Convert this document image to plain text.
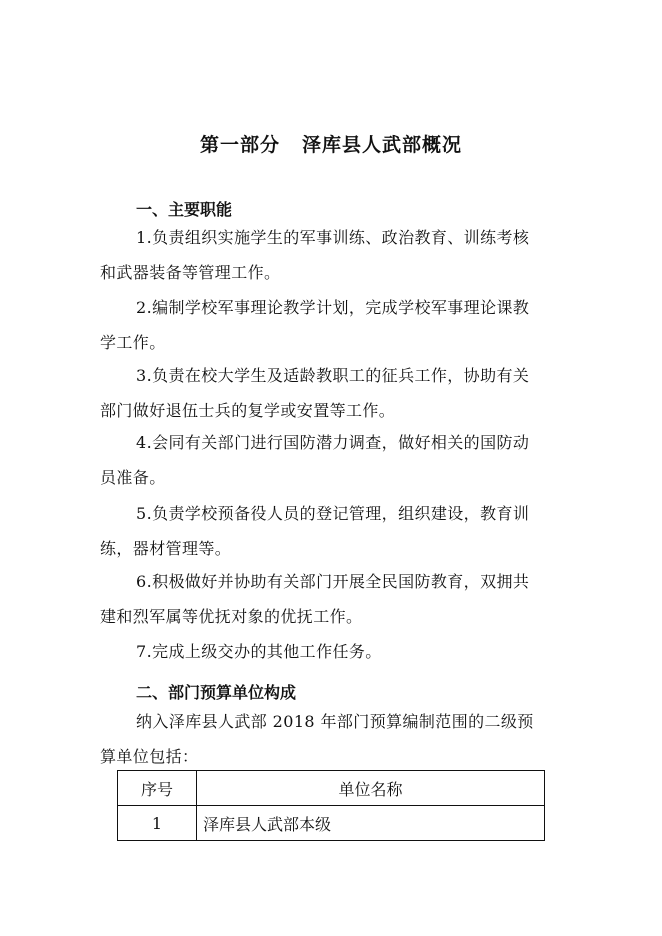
第一部分 泽库县人武部概况
一、主要职能
1.负责组织实施学生的军事训练、政治教育、训练考核
和武器装备等管理工作。
2.编制学校军事理论教学计划，完成学校军事理论课教
学工作。
3.负责在校大学生及适龄教职工的征兵工作，协助有关
部门做好退伍士兵的复学或安置等工作。
4.会同有关部门进行国防潜力调查，做好相关的国防动
员准备。
5.负责学校预备役人员的登记管理，组织建设，教育训
练，器材管理等。
6.积极做好并协助有关部门开展全民国防教育，双拥共
建和烈军属等优抚对象的优抚工作。
7.完成上级交办的其他工作任务。
二、部门预算单位构成
纳入泽库县人武部 2018 年部门预算编制范围的二级预
算单位包括：
序号	单位名称
1	泽库县人武部本级
